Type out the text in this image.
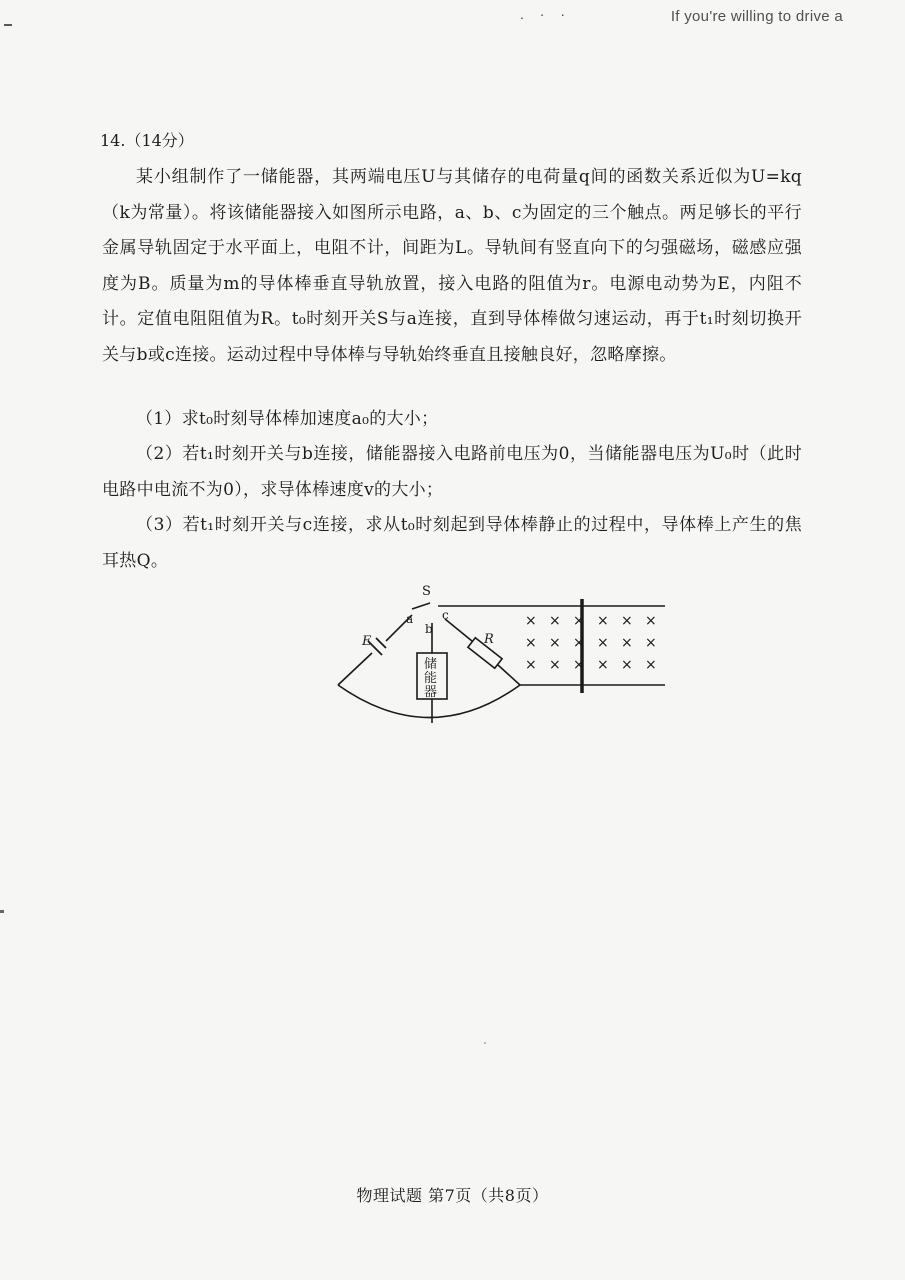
. · ·	If you're willing to drive a
14.（14分）
某小组制作了一储能器，其两端电压U与其储存的电荷量q间的函数关系近似为U=kq（k为常量）。将该储能器接入如图所示电路，a、b、c为固定的三个触点。两足够长的平行金属导轨固定于水平面上，电阻不计，间距为L。导轨间有竖直向下的匀强磁场，磁感应强度为B。质量为m的导体棒垂直导轨放置，接入电路的阻值为r。电源电动势为E，内阻不计。定值电阻阻值为R。t₀时刻开关S与a连接，直到导体棒做匀速运动，再于t₁时刻切换开关与b或c连接。运动过程中导体棒与导轨始终垂直且接触良好，忽略摩擦。
（1）求t₀时刻导体棒加速度a₀的大小；
（2）若t₁时刻开关与b连接，储能器接入电路前电压为0，当储能器电压为U₀时（此时电路中电流不为0），求导体棒速度v的大小；
（3）若t₁时刻开关与c连接，求从t₀时刻起到导体棒静止的过程中，导体棒上产生的焦耳热Q。
S
a
b
c
E	R
储
能
器
× × × × × ×
× × × × × ×
× × × × × ×
物理试题 第7页（共8页）
